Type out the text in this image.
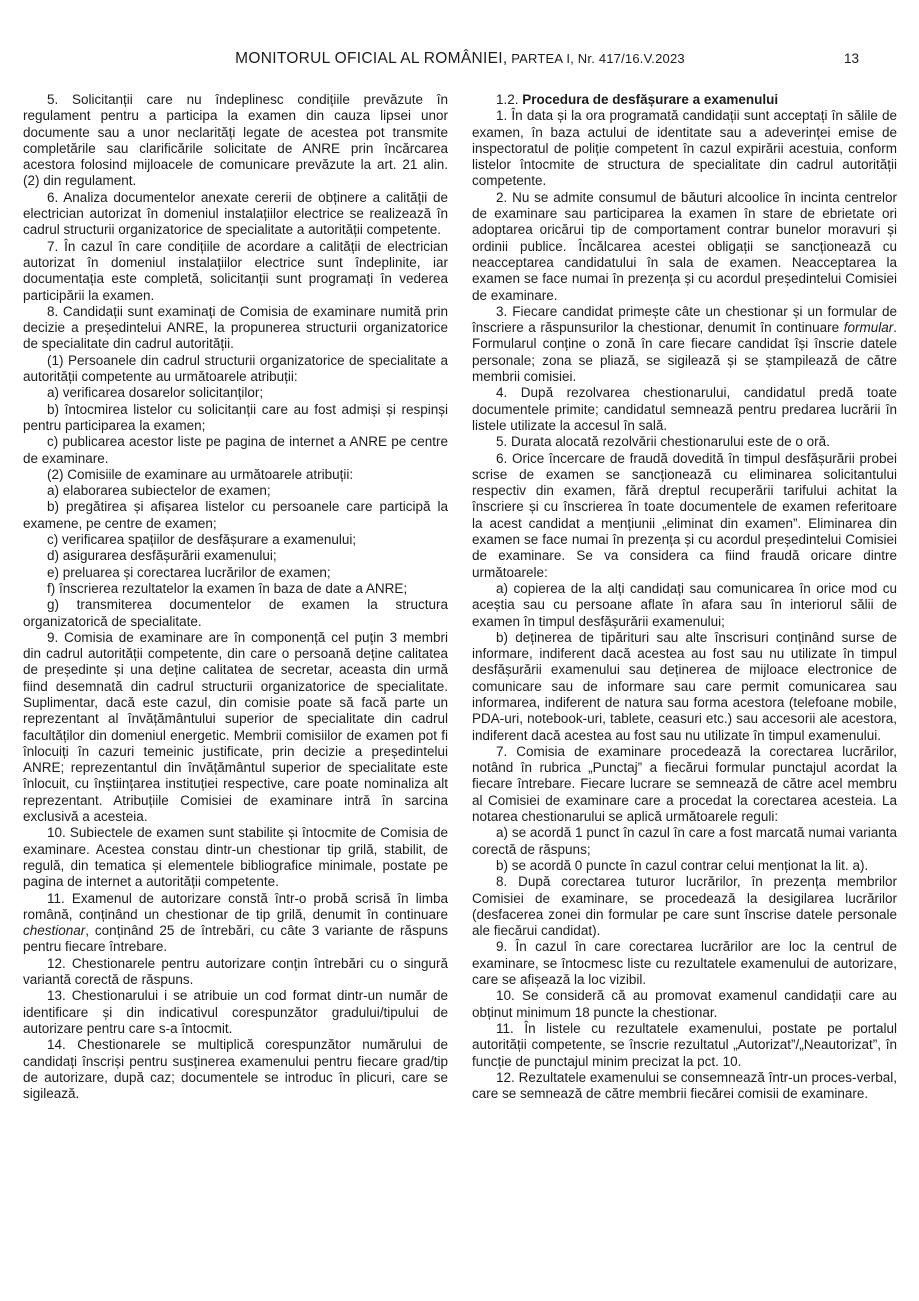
MONITORUL OFICIAL AL ROMÂNIEI, PARTEA I, Nr. 417/16.V.2023	13

5. Solicitanții care nu îndeplinesc condițiile prevăzute în regulament pentru a participa la examen din cauza lipsei unor documente sau a unor neclarități legate de acestea pot transmite completările sau clarificările solicitate de ANRE prin încărcarea acestora folosind mijloacele de comunicare prevăzute la art. 21 alin. (2) din regulament.

6. Analiza documentelor anexate cererii de obținere a calității de electrician autorizat în domeniul instalațiilor electrice se realizează în cadrul structurii organizatorice de specialitate a autorității competente.

7. În cazul în care condițiile de acordare a calității de electrician autorizat în domeniul instalațiilor electrice sunt îndeplinite, iar documentația este completă, solicitanții sunt programați în vederea participării la examen.

8. Candidații sunt examinați de Comisia de examinare numită prin decizie a președintelui ANRE, la propunerea structurii organizatorice de specialitate din cadrul autorității.

(1) Persoanele din cadrul structurii organizatorice de specialitate a autorității competente au următoarele atribuții:

a) verificarea dosarelor solicitanților;

b) întocmirea listelor cu solicitanții care au fost admiși și respinși pentru participarea la examen;

c) publicarea acestor liste pe pagina de internet a ANRE pe centre de examinare.

(2) Comisiile de examinare au următoarele atribuții:

a) elaborarea subiectelor de examen;

b) pregătirea și afișarea listelor cu persoanele care participă la examene, pe centre de examen;

c) verificarea spațiilor de desfășurare a examenului;

d) asigurarea desfășurării examenului;

e) preluarea și corectarea lucrărilor de examen;

f) înscrierea rezultatelor la examen în baza de date a ANRE;

g) transmiterea documentelor de examen la structura organizatorică de specialitate.

9. Comisia de examinare are în componență cel puțin 3 membri din cadrul autorității competente, din care o persoană deține calitatea de președinte și una deține calitatea de secretar, aceasta din urmă fiind desemnată din cadrul structurii organizatorice de specialitate. Suplimentar, dacă este cazul, din comisie poate să facă parte un reprezentant al învățământului superior de specialitate din cadrul facultăților din domeniul energetic. Membrii comisiilor de examen pot fi înlocuiți în cazuri temeinic justificate, prin decizie a președintelui ANRE; reprezentantul din învățământul superior de specialitate este înlocuit, cu înștiințarea instituției respective, care poate nominaliza alt reprezentant. Atribuțiile Comisiei de examinare intră în sarcina exclusivă a acesteia.

10. Subiectele de examen sunt stabilite și întocmite de Comisia de examinare. Acestea constau dintr-un chestionar tip grilă, stabilit, de regulă, din tematica și elementele bibliografice minimale, postate pe pagina de internet a autorității competente.

11. Examenul de autorizare constă într-o probă scrisă în limba română, conținând un chestionar de tip grilă, denumit în continuare chestionar, conținând 25 de întrebări, cu câte 3 variante de răspuns pentru fiecare întrebare.

12. Chestionarele pentru autorizare conțin întrebări cu o singură variantă corectă de răspuns.

13. Chestionarului i se atribuie un cod format dintr-un număr de identificare și din indicativul corespunzător gradului/tipului de autorizare pentru care s-a întocmit.

14. Chestionarele se multiplică corespunzător numărului de candidați înscriși pentru susținerea examenului pentru fiecare grad/tip de autorizare, după caz; documentele se introduc în plicuri, care se sigilează.

1.2. Procedura de desfășurare a examenului

1. În data și la ora programată candidații sunt acceptați în sălile de examen, în baza actului de identitate sau a adeverinței emise de inspectoratul de poliție competent în cazul expirării acestuia, conform listelor întocmite de structura de specialitate din cadrul autorității competente.

2. Nu se admite consumul de băuturi alcoolice în incinta centrelor de examinare sau participarea la examen în stare de ebrietate ori adoptarea oricărui tip de comportament contrar bunelor moravuri și ordinii publice. Încălcarea acestei obligații se sancționează cu neacceptarea candidatului în sala de examen. Neacceptarea la examen se face numai în prezența și cu acordul președintelui Comisiei de examinare.

3. Fiecare candidat primește câte un chestionar și un formular de înscriere a răspunsurilor la chestionar, denumit în continuare formular. Formularul conține o zonă în care fiecare candidat își înscrie datele personale; zona se pliază, se sigilează și se ștampilează de către membrii comisiei.

4. După rezolvarea chestionarului, candidatul predă toate documentele primite; candidatul semnează pentru predarea lucrării în listele utilizate la accesul în sală.

5. Durata alocată rezolvării chestionarului este de o oră.

6. Orice încercare de fraudă dovedită în timpul desfășurării probei scrise de examen se sancționează cu eliminarea solicitantului respectiv din examen, fără dreptul recuperării tarifului achitat la înscriere și cu înscrierea în toate documentele de examen referitoare la acest candidat a mențiunii „eliminat din examen”. Eliminarea din examen se face numai în prezența și cu acordul președintelui Comisiei de examinare. Se va considera ca fiind fraudă oricare dintre următoarele:

a) copierea de la alți candidați sau comunicarea în orice mod cu aceștia sau cu persoane aflate în afara sau în interiorul sălii de examen în timpul desfășurării examenului;

b) deținerea de tipărituri sau alte înscrisuri conținând surse de informare, indiferent dacă acestea au fost sau nu utilizate în timpul desfășurării examenului sau deținerea de mijloace electronice de comunicare sau de informare sau care permit comunicarea sau informarea, indiferent de natura sau forma acestora (telefoane mobile, PDA-uri, notebook-uri, tablete, ceasuri etc.) sau accesorii ale acestora, indiferent dacă acestea au fost sau nu utilizate în timpul examenului.

7. Comisia de examinare procedează la corectarea lucrărilor, notând în rubrica „Punctaj” a fiecărui formular punctajul acordat la fiecare întrebare. Fiecare lucrare se semnează de către acel membru al Comisiei de examinare care a procedat la corectarea acesteia. La notarea chestionarului se aplică următoarele reguli:

a) se acordă 1 punct în cazul în care a fost marcată numai varianta corectă de răspuns;

b) se acordă 0 puncte în cazul contrar celui menționat la lit. a).

8. După corectarea tuturor lucrărilor, în prezența membrilor Comisiei de examinare, se procedează la desigilarea lucrărilor (desfacerea zonei din formular pe care sunt înscrise datele personale ale fiecărui candidat).

9. În cazul în care corectarea lucrărilor are loc la centrul de examinare, se întocmesc liste cu rezultatele examenului de autorizare, care se afișează la loc vizibil.

10. Se consideră că au promovat examenul candidații care au obținut minimum 18 puncte la chestionar.

11. În listele cu rezultatele examenului, postate pe portalul autorității competente, se înscrie rezultatul „Autorizat”/„Neautorizat”, în funcție de punctajul minim precizat la pct. 10.

12. Rezultatele examenului se consemnează într-un proces-verbal, care se semnează de către membrii fiecărei comisii de examinare.
